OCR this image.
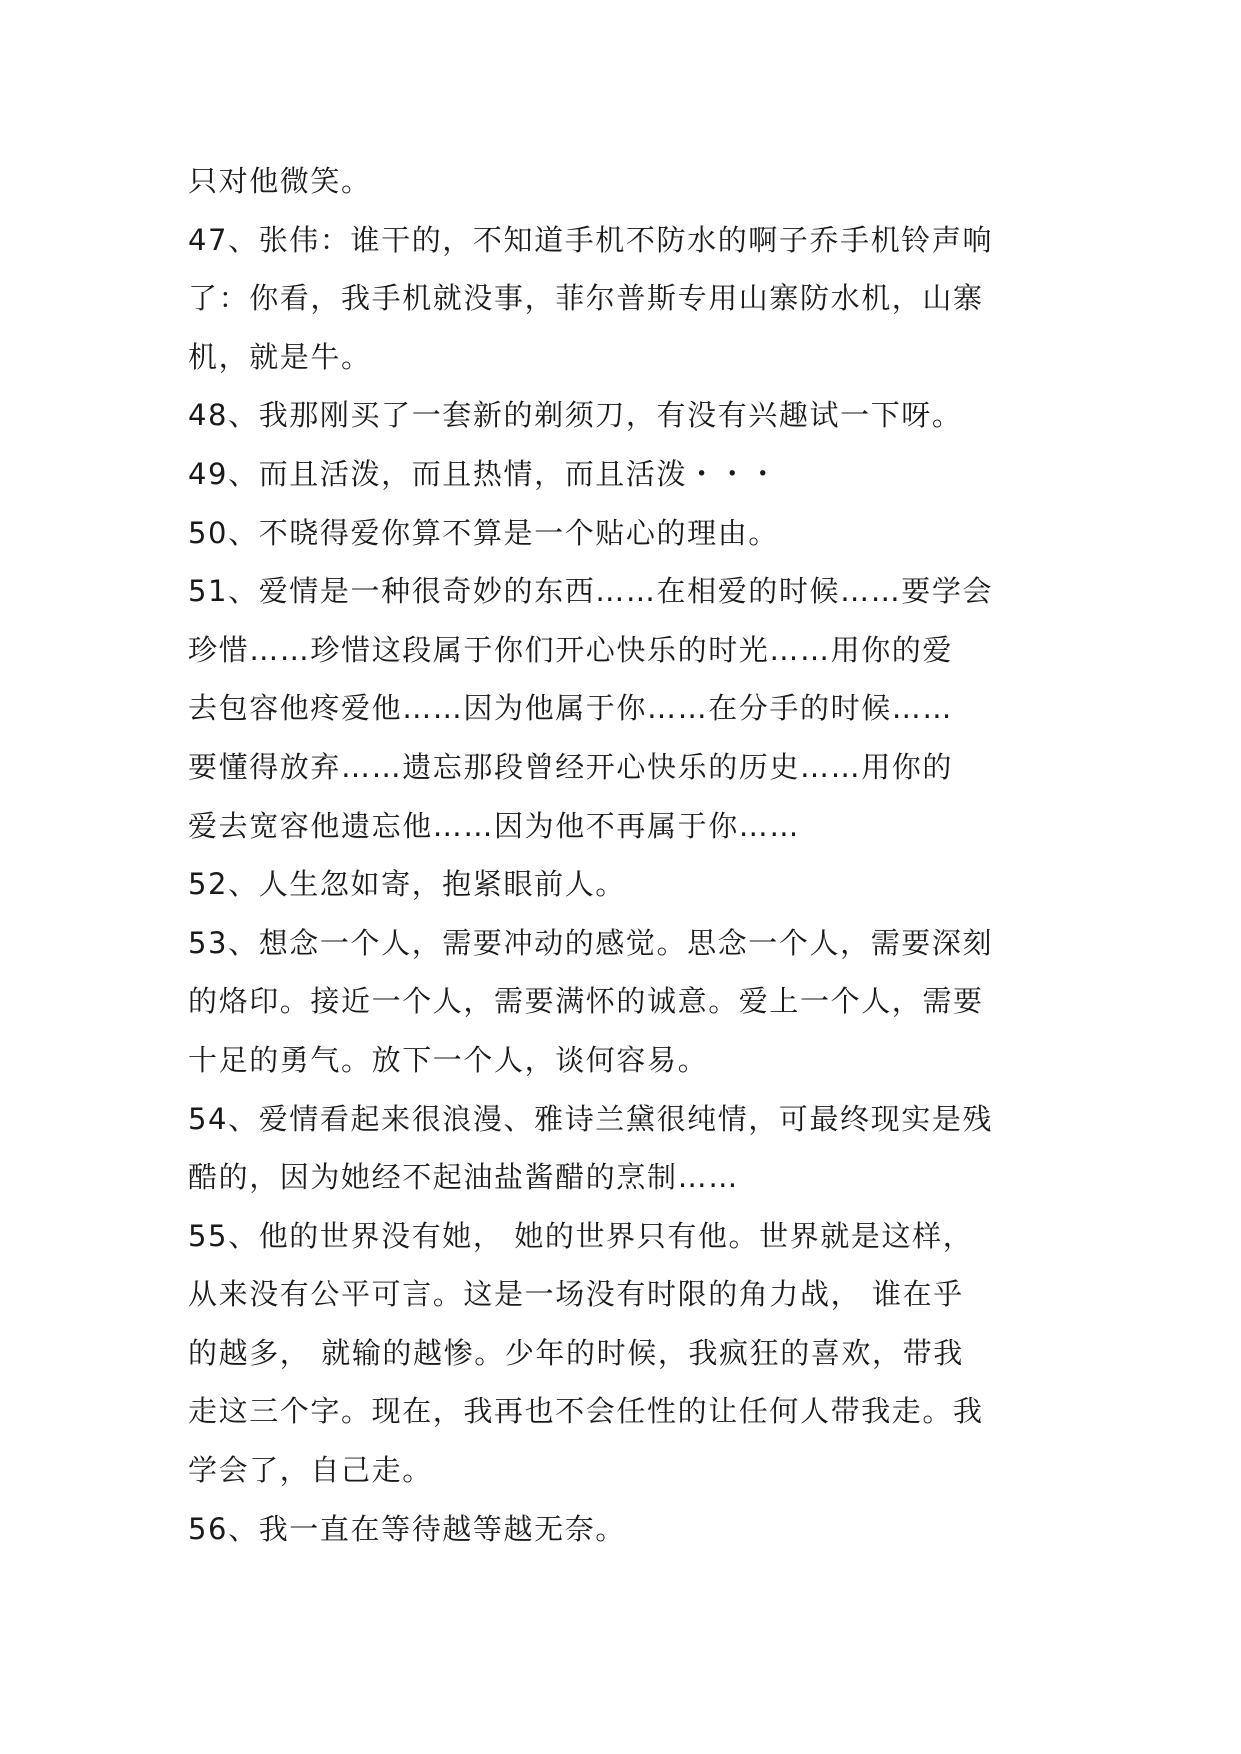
只对他微笑。
47、张伟：谁干的，不知道手机不防水的啊子乔手机铃声响
了：你看，我手机就没事，菲尔普斯专用山寨防水机，山寨
机，就是牛。
48、我那刚买了一套新的剃须刀，有没有兴趣试一下呀。
49、而且活泼，而且热情，而且活泼・・・
50、不晓得爱你算不算是一个贴心的理由。
51、爱情是一种很奇妙的东西……在相爱的时候……要学会
珍惜……珍惜这段属于你们开心快乐的时光……用你的爱
去包容他疼爱他……因为他属于你……在分手的时候……
要懂得放弃……遗忘那段曾经开心快乐的历史……用你的
爱去宽容他遗忘他……因为他不再属于你……
52、人生忽如寄，抱紧眼前人。
53、想念一个人，需要冲动的感觉。思念一个人，需要深刻
的烙印。接近一个人，需要满怀的诚意。爱上一个人，需要
十足的勇气。放下一个人，谈何容易。
54、爱情看起来很浪漫、雅诗兰黛很纯情，可最终现实是残
酷的，因为她经不起油盐酱醋的烹制……
55、他的世界没有她， 她的世界只有他。世界就是这样，
从来没有公平可言。这是一场没有时限的角力战， 谁在乎
的越多， 就输的越惨。少年的时候，我疯狂的喜欢，带我
走这三个字。现在，我再也不会任性的让任何人带我走。我
学会了，自己走。
56、我一直在等待越等越无奈。
